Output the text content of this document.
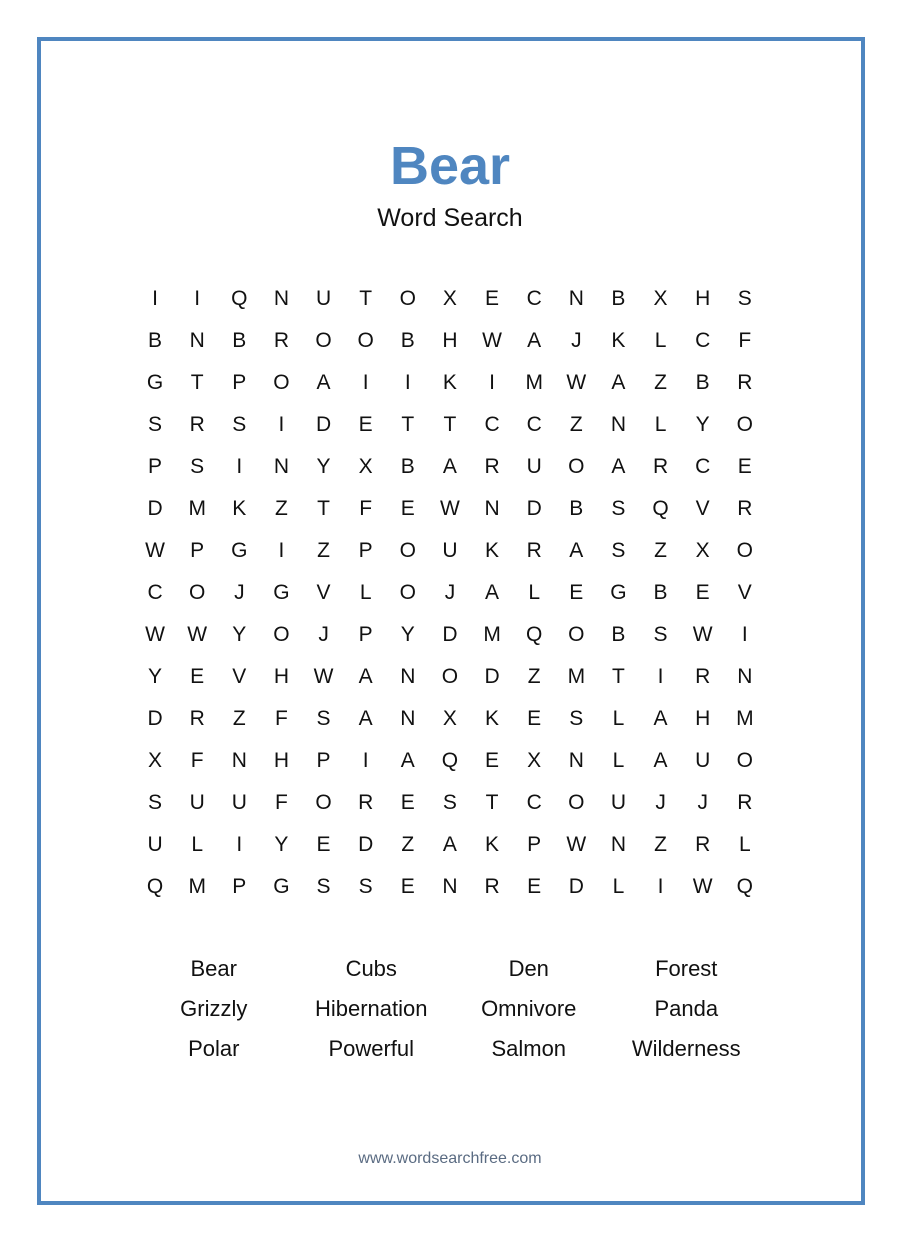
Bear
Word Search
I	I	Q	N	U	T	O	X	E	C	N	B	X	H	S
B	N	B	R	O	O	B	H	W	A	J	K	L	C	F
G	T	P	O	A	I	I	K	I	M	W	A	Z	B	R
S	R	S	I	D	E	T	T	C	C	Z	N	L	Y	O
P	S	I	N	Y	X	B	A	R	U	O	A	R	C	E
D	M	K	Z	T	F	E	W	N	D	B	S	Q	V	R
W	P	G	I	Z	P	O	U	K	R	A	S	Z	X	O
C	O	J	G	V	L	O	J	A	L	E	G	B	E	V
W	W	Y	O	J	P	Y	D	M	Q	O	B	S	W	I
Y	E	V	H	W	A	N	O	D	Z	M	T	I	R	N
D	R	Z	F	S	A	N	X	K	E	S	L	A	H	M
X	F	N	H	P	I	A	Q	E	X	N	L	A	U	O
S	U	U	F	O	R	E	S	T	C	O	U	J	J	R
U	L	I	Y	E	D	Z	A	K	P	W	N	Z	R	L
Q	M	P	G	S	S	E	N	R	E	D	L	I	W	Q
Bear	Cubs	Den	Forest
Grizzly	Hibernation	Omnivore	Panda
Polar	Powerful	Salmon	Wilderness
www.wordsearchfree.com
